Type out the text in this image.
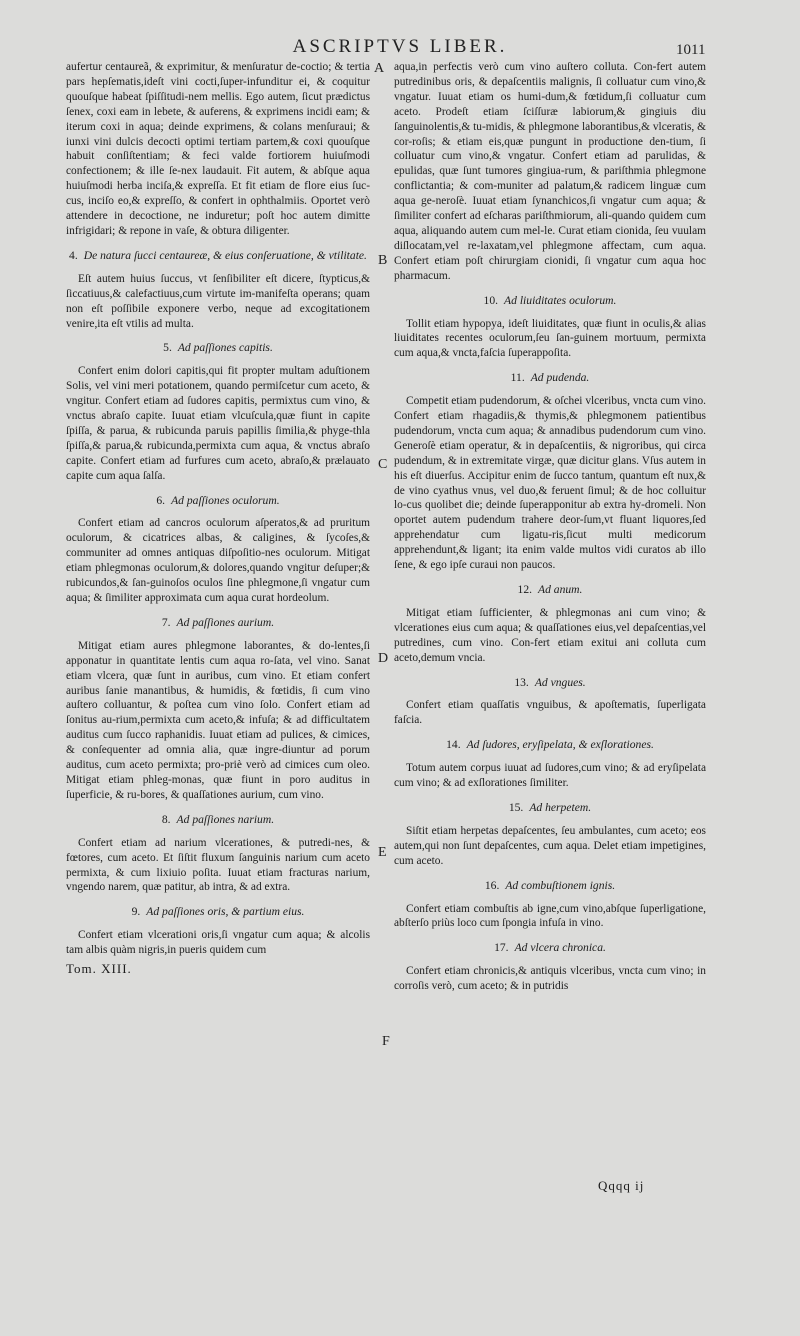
ASCRIPTVS LIBER.	1011
A
B
C
D
E
F

aufertur centaureã, & exprimitur, & menſuratur de-coctio; & tertia pars hepſematis,ideſt vini cocti,ſuper-infunditur ei, & coquitur quouſque habeat ſpiſſitudi-nem mellis. Ego autem, ſicut prædictus ſenex, coxi eam in lebete, & auferens, & exprimens incidi eam; & iterum coxi in aqua; deinde exprimens, & colans menſuraui; & iunxi vini dulcis decocti optimi tertiam partem,& coxi quouſque habuit conſiſtentiam; & feci valde fortiorem huiuſmodi confectionem; & ille ſe-nex laudauit. Fit autem, & abſque aqua huiuſmodi herba inciſa,& expreſſa. Et fit etiam de flore eius ſuc-cus, inciſo eo,& expreſſo, & confert in ophthalmiis. Oportet verò attendere in decoctione, ne induretur; poſt hoc autem dimitte infrigidari; & repone in vaſe, & obtura diligenter.

4. De natura ſucci centaureæ, & eius conſeruatione, & vtilitate.

Eſt autem huius ſuccus, vt ſenſibiliter eſt dicere, ſtypticus,& ſiccatiuus,& calefactiuus,cum virtute im-manifeſta operans; quam non eſt poſſibile exponere verbo, neque ad excogitationem venire,ita eſt vtilis ad multa.

5. Ad paſſiones capitis.

Confert enim dolori capitis,qui fit propter multam aduſtionem Solis, vel vini meri potationem, quando permiſcetur cum aceto, & vngitur. Confert etiam ad ſudores capitis, permixtus cum vino, & vnctus abraſo capite. Iuuat etiam vlcuſcula,quæ fiunt in capite ſpiſſa, & parua, & rubicunda paruis papillis ſimilia,& phyge-thla ſpiſſa,& parua,& rubicunda,permixta cum aqua, & vnctus abraſo capite. Confert etiam ad furfures cum aceto, abraſo,& prælauato capite cum aqua ſalſa.

6. Ad paſſiones oculorum.

Confert etiam ad cancros oculorum aſperatos,& ad pruritum oculorum, & cicatrices albas, & caligines, & ſycoſes,& communiter ad omnes antiquas diſpoſitio-nes oculorum. Mitigat etiam phlegmonas oculorum,& dolores,quando vngitur deſuper;& rubicundos,& ſan-guinoſos oculos ſine phlegmone,ſi vngatur cum aqua; & ſimiliter approximata cum aqua curat hordeolum.

7. Ad paſſiones aurium.

Mitigat etiam aures phlegmone laborantes, & do-lentes,ſi apponatur in quantitate lentis cum aqua ro-ſata, vel vino. Sanat etiam vlcera, quæ ſunt in auribus, cum vino. Et etiam confert auribus ſanie manantibus, & humidis, & fœtidis, ſi cum vino auſtero colluantur, & poſtea cum vino ſolo. Confert etiam ad ſonitus au-rium,permixta cum aceto,& infuſa; & ad difficultatem auditus cum ſucco raphanidis. Iuuat etiam ad pulices, & cimices, & conſequenter ad omnia alia, quæ ingre-diuntur ad porum auditus, cum aceto permixta; pro-priè verò ad cimices cum oleo. Mitigat etiam phleg-monas, quæ fiunt in poro auditus in ſuperficie, & ru-bores, & quaſſationes aurium, cum vino.

8. Ad paſſiones narium.

Confert etiam ad narium vlcerationes, & putredi-nes, & fœtores, cum aceto. Et ſiſtit fluxum ſanguinis narium cum aceto permixta, & cum lixiuio poſita. Iuuat etiam fracturas narium, vngendo narem, quæ patitur, ab intra, & ad extra.

9. Ad paſſiones oris, & partium eius.

Confert etiam vlcerationi oris,ſi vngatur cum aqua; & alcolis tam albis quàm nigris,in pueris quidem cum

Tom. XIII.

aqua,in perfectis verò cum vino auſtero colluta. Con-fert autem putredinibus oris, & depaſcentiis malignis, ſi colluatur cum vino,& vngatur. Iuuat etiam os humi-dum,& fœtidum,ſi colluatur cum aceto. Prodeſt etiam ſciſſuræ labiorum,& gingiuis diu ſanguinolentis,& tu-midis, & phlegmone laborantibus,& vlceratis, & cor-roſis; & etiam eis,quæ pungunt in productione den-tium, ſi colluatur cum vino,& vngatur. Confert etiam ad parulidas, & epulidas, quæ ſunt tumores gingiua-rum, & pariſthmia phlegmone conflictantia; & com-muniter ad palatum,& radicem linguæ cum aqua ge-neroſè. Iuuat etiam ſynanchicos,ſi vngatur cum aqua; & ſimiliter confert ad eſcharas pariſthmiorum, ali-quando quidem cum aqua, aliquando autem cum mel-le. Curat etiam cionida, ſeu vuulam diſlocatam,vel re-laxatam,vel phlegmone affectam, cum aqua. Confert etiam poſt chirurgiam cionidi, ſi vngatur cum aqua hoc pharmacum.

10. Ad liuiditates oculorum.

Tollit etiam hypopya, ideſt liuiditates, quæ fiunt in oculis,& alias liuiditates recentes oculorum,ſeu ſan-guinem mortuum, permixta cum aqua,& vncta,faſcia ſuperappoſita.

11. Ad pudenda.

Competit etiam pudendorum, & oſchei vlceribus, vncta cum vino. Confert etiam rhagadiis,& thymis,& phlegmonem patientibus pudendorum, vncta cum aqua; & annadibus pudendorum cum vino. Generoſè etiam operatur, & in depaſcentiis, & nigroribus, qui circa pudendum, & in extremitate virgæ, quæ dicitur glans. Vſus autem in his eſt diuerſus. Accipitur enim de ſucco tantum, quantum eſt nux,& de vino cyathus vnus, vel duo,& feruent ſimul; & de hoc colluitur lo-cus quolibet die; deinde ſuperapponitur ab extra hy-dromeli. Non oportet autem pudendum trahere deor-ſum,vt fluant liquores,ſed apprehendatur cum ligatu-ris,ſicut multi medicorum apprehendunt,& ligant; ita enim valde multos vidi curatos ab illo ſene, & ego ipſe curaui non paucos.

12. Ad anum.

Mitigat etiam ſufficienter, & phlegmonas ani cum vino; & vlcerationes eius cum aqua; & quaſſationes eius,vel depaſcentias,vel putredines, cum vino. Con-fert etiam exitui ani colluta cum aceto,demum vncia.

13. Ad vngues.

Confert etiam quaſſatis vnguibus, & apoſtematis, ſuperligata faſcia.

14. Ad ſudores, eryſipelata, & exſlorationes.

Totum autem corpus iuuat ad ſudores,cum vino; & ad eryſipelata cum vino; & ad exſlorationes ſimiliter.

15. Ad herpetem.

Siſtit etiam herpetas depaſcentes, ſeu ambulantes, cum aceto; eos autem,qui non ſunt depaſcentes, cum aqua. Delet etiam impetigines, cum aceto.

16. Ad combuſtionem ignis.

Confert etiam combuſtis ab igne,cum vino,abſque ſuperligatione, abſterſo priùs loco cum ſpongia infuſa in vino.

17. Ad vlcera chronica.

Confert etiam chronicis,& antiquis vlceribus, vncta cum vino; in corroſis verò, cum aceto; & in putridis

Qqqq ij
